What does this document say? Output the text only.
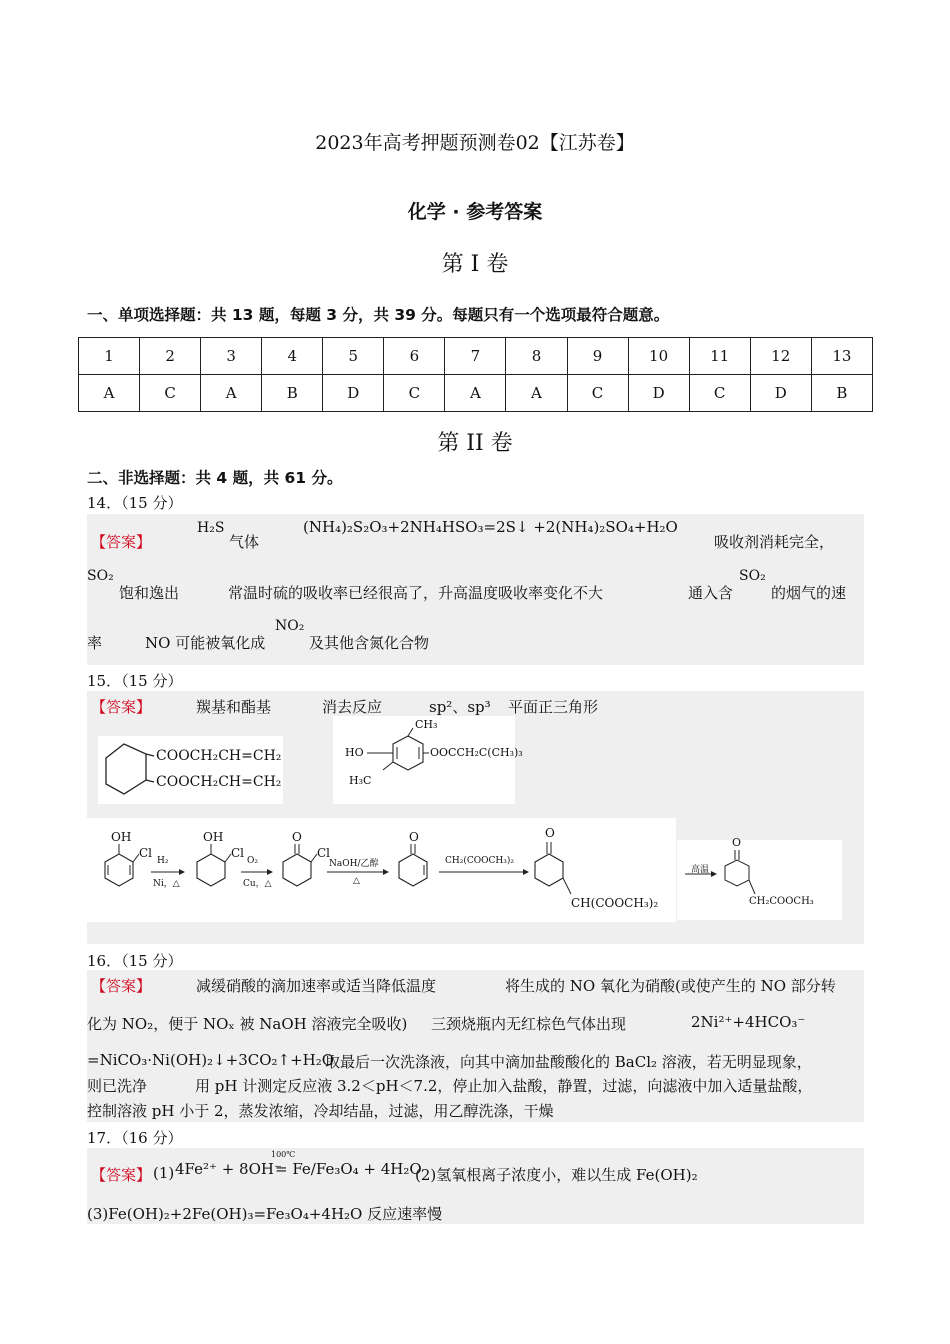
2023年高考押题预测卷02【江苏卷】
化学 · 参考答案
第 I 卷
一、单项选择题：共 13 题，每题 3 分，共 39 分。每题只有一个选项最符合题意。
1	2	3	4	5	6	7	8	9	10	11	12	13
A	C	A	B	D	C	A	A	C	D	C	D	B
第 II 卷
二、非选择题：共 4 题，共 61 分。
14．（15 分）
【答案】
H₂S
气体
(NH₄)₂S₂O₃+2NH₄HSO₃=2S↓ +2(NH₄)₂SO₄+H₂O
吸收剂消耗完全，
SO₂
饱和逸出	常温时硫的吸收率已经很高了，升高温度吸收率变化不大	通入含
SO₂
的烟气的速
率	NO 可能被氧化成
NO₂
及其他含氮化合物
15．（15 分）
【答案】	羰基和酯基	消去反应	sp²、sp³ 平面正三角形
COOCH₂CH=CH₂
COOCH₂CH=CH₂
CH₃
HO	OOCCH₂C(CH₃)₃
H₃C
OH
Cl
H₂
Ni，△
OH
Cl
O₂
Cu，△
O
Cl
NaOH/乙醇
△
O
CH₂(COOCH₃)₂
O
CH(COOCH₃)₂
高温
O
CH₂COOCH₃
16．（15 分）
【答案】	减缓硝酸的滴加速率或适当降低温度	将生成的 NO 氧化为硝酸(或使产生的 NO 部分转
化为 NO₂，便于 NOₓ 被 NaOH 溶液完全吸收) 三颈烧瓶内无红棕色气体出现	2Ni²⁺+4HCO₃⁻
=NiCO₃·Ni(OH)₂↓+3CO₂↑+H₂O
取最后一次洗涤液，向其中滴加盐酸酸化的 BaCl₂ 溶液，若无明显现象，
则已洗净	用 pH 计测定反应液 3.2＜pH＜7.2，停止加入盐酸，静置，过滤，向滤液中加入适量盐酸，
控制溶液 pH 小于 2，蒸发浓缩，冷却结晶，过滤，用乙醇洗涤，干燥
17．（16 分）
【答案】 (1) 4Fe²⁺ + 8OH⁻
100℃
= Fe/Fe₃O₄ + 4H₂O
(2)氢氧根离子浓度小，难以生成 Fe(OH)₂
(3)Fe(OH)₂+2Fe(OH)₃=Fe₃O₄+4H₂O 反应速率慢
